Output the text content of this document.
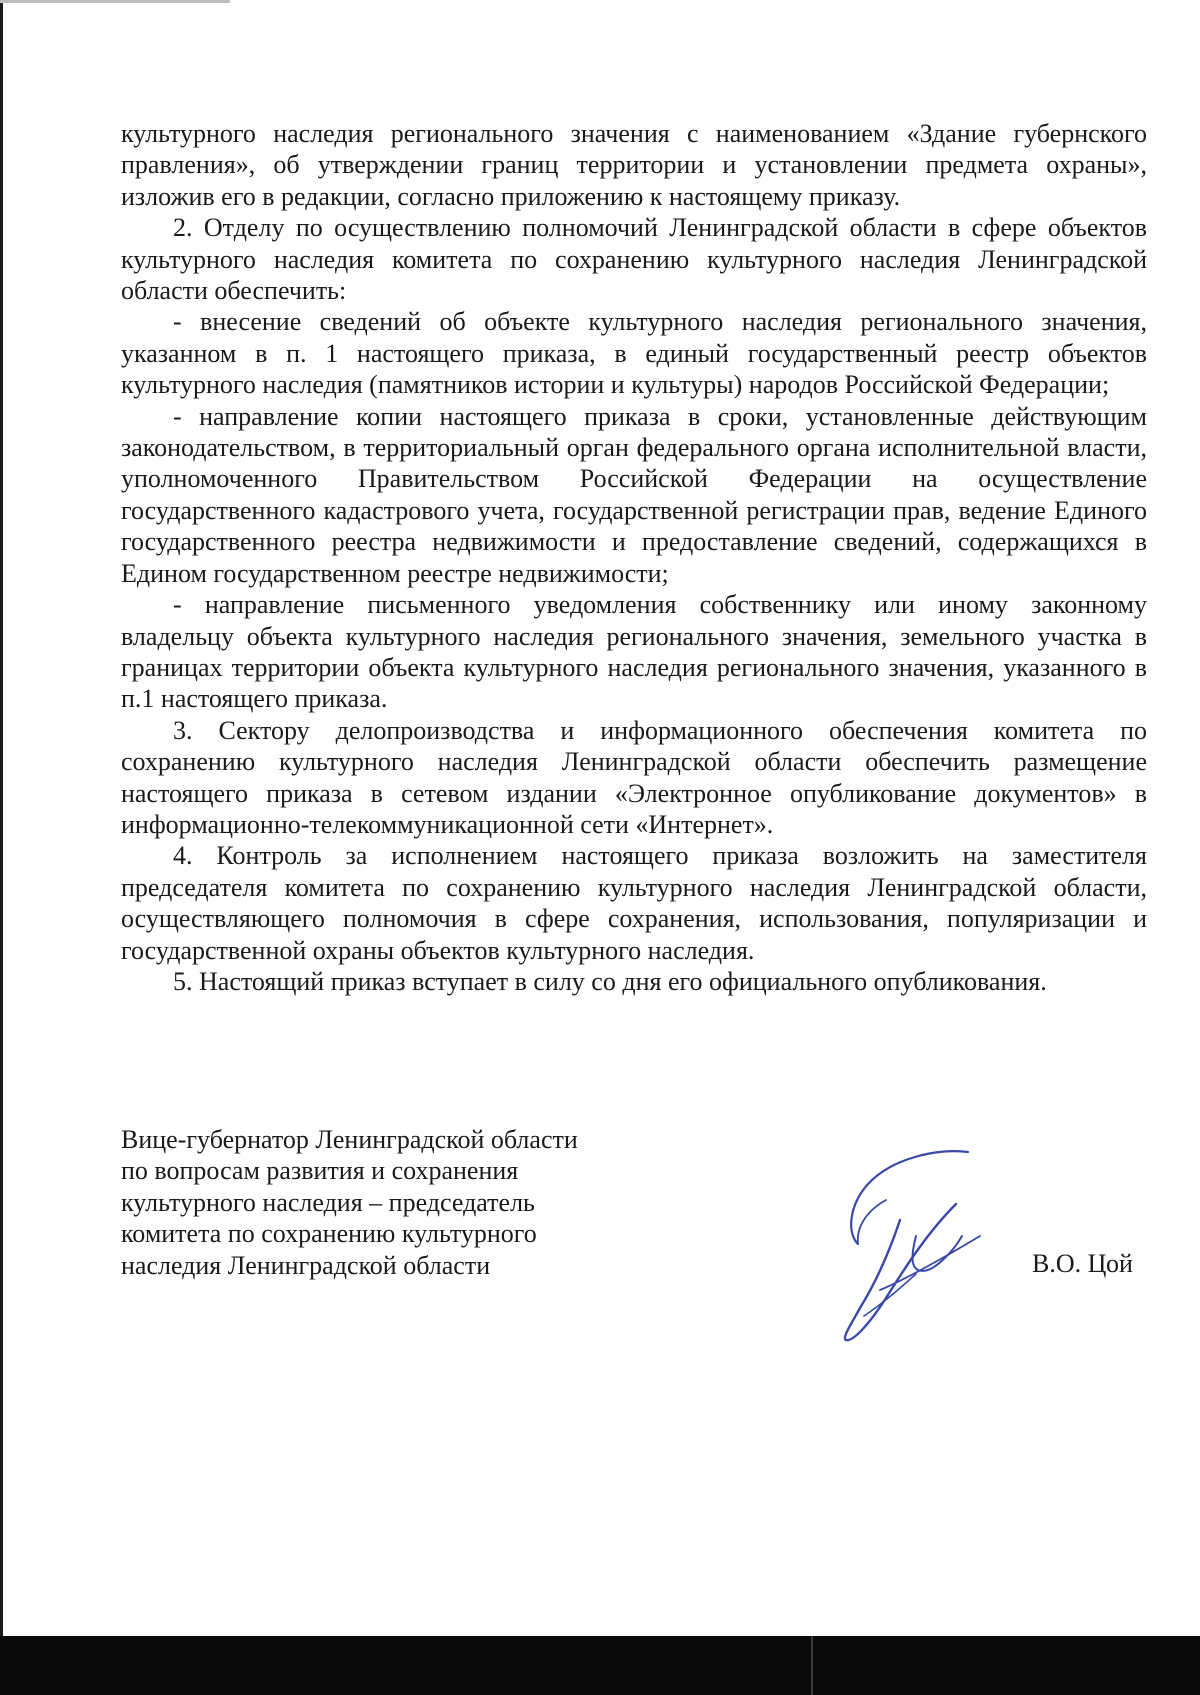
культурного наследия регионального значения с наименованием «Здание губернского правления», об утверждении границ территории и установлении предмета охраны», изложив его в редакции, согласно приложению к настоящему приказу.

2. Отделу по осуществлению полномочий Ленинградской области в сфере объектов культурного наследия комитета по сохранению культурного наследия Ленинградской области обеспечить:

- внесение сведений об объекте культурного наследия регионального значения, указанном в п. 1 настоящего приказа, в единый государственный реестр объектов культурного наследия (памятников истории и культуры) народов Российской Федерации;

- направление копии настоящего приказа в сроки, установленные действующим законодательством, в территориальный орган федерального органа исполнительной власти, уполномоченного Правительством Российской Федерации на осуществление государственного кадастрового учета, государственной регистрации прав, ведение Единого государственного реестра недвижимости и предоставление сведений, содержащихся в Едином государственном реестре недвижимости;

- направление письменного уведомления собственнику или иному законному владельцу объекта культурного наследия регионального значения, земельного участка в границах территории объекта культурного наследия регионального значения, указанного в п.1 настоящего приказа.

3. Сектору делопроизводства и информационного обеспечения комитета по сохранению культурного наследия Ленинградской области обеспечить размещение настоящего приказа в сетевом издании «Электронное опубликование документов» в информационно-телекоммуникационной сети «Интернет».

4. Контроль за исполнением настоящего приказа возложить на заместителя председателя комитета по сохранению культурного наследия Ленинградской области, осуществляющего полномочия в сфере сохранения, использования, популяризации и государственной охраны объектов культурного наследия.

5. Настоящий приказ вступает в силу со дня его официального опубликования.

Вице-губернатор Ленинградской области
по вопросам развития и сохранения
культурного наследия – председатель
комитета по сохранению культурного
наследия Ленинградской области	В.О. Цой
